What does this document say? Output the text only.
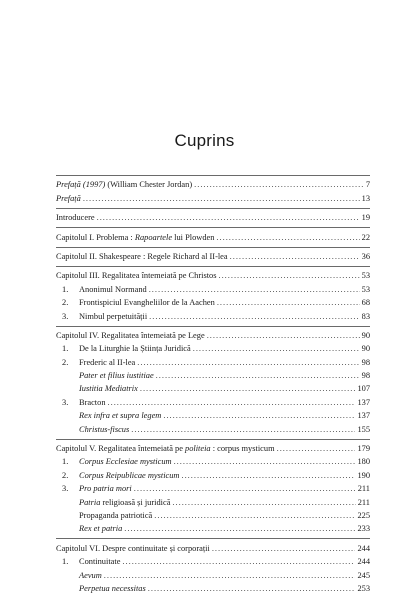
Cuprins
Prefață (1997) (William Chester Jordan) .....	7
Prefață .....	13
Introducere .....	19
Capitolul I. Problema : Rapoartele lui Plowden .....	22
Capitolul II. Shakespeare : Regele Richard al II-lea .....	36
Capitolul III. Regalitatea întemeiată pe Christos .....	53
1. Anonimul Normand .....	53
2. Frontispiciul Evangheliilor de la Aachen .....	68
3. Nimbul perpetuității .....	83
Capitolul IV. Regalitatea întemeiată pe Lege .....	90
1. De la Liturghie la Știința Juridică .....	90
2. Frederic al II-lea .....	98
Pater et filius iustitiae .....	98
Iustitia Mediatrix .....	107
3. Bracton .....	137
Rex infra et supra legem .....	137
Christus-fiscus .....	155
Capitolul V. Regalitatea întemeiată pe politeia : corpus mysticum .....	179
1. Corpus Ecclesiae mysticum .....	180
2. Corpus Reipublicae mysticum .....	190
3. Pro patria mori .....	211
Patria religioasă și juridică .....	211
Propaganda patriotică .....	225
Rex et patria .....	233
Capitolul VI. Despre continuitate și corporații .....	244
1. Continuitate .....	244
Aevum .....	245
Perpetua necessitas .....	253
